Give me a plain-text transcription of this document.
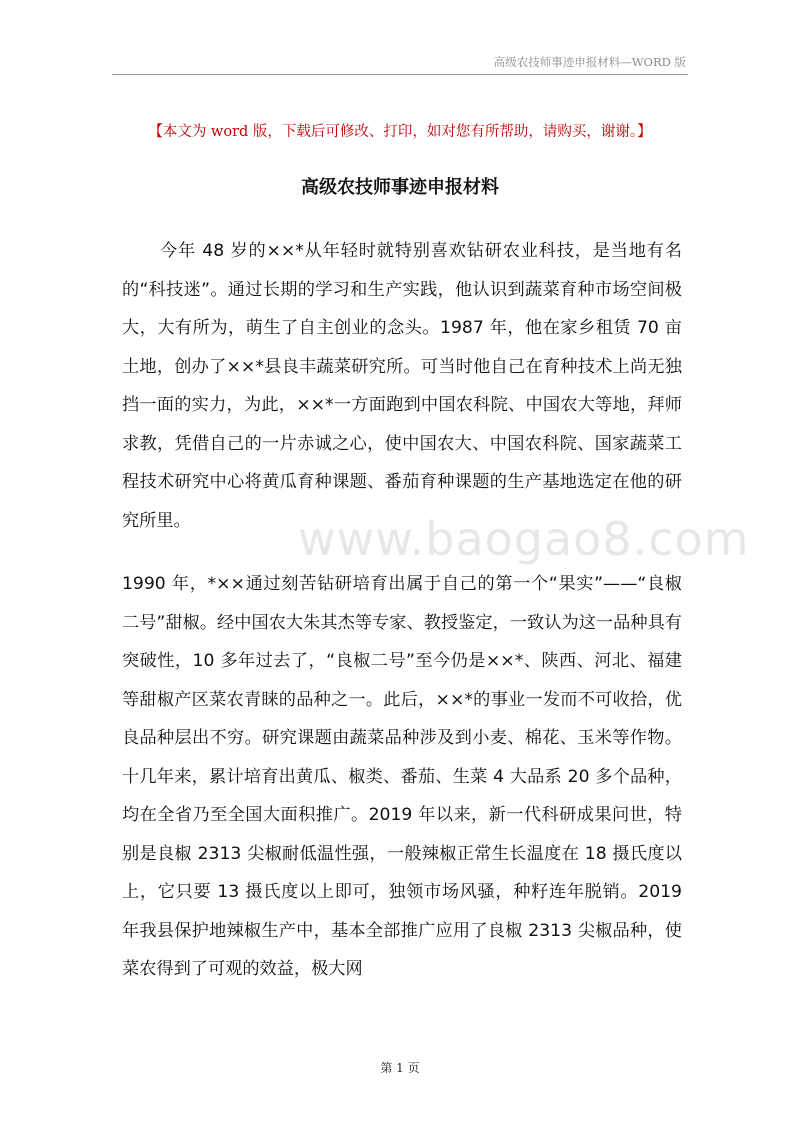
高级农技师事迹申报材料—WORD 版
【本文为 word 版，下载后可修改、打印，如对您有所帮助，请购买，谢谢。】
高级农技师事迹申报材料

今年 48 岁的××*从年轻时就特别喜欢钻研农业科技，是当地有名的“科技迷”。通过长期的学习和生产实践，他认识到蔬菜育种市场空间极大，大有所为，萌生了自主创业的念头。1987 年，他在家乡租赁 70 亩土地，创办了××*县良丰蔬菜研究所。可当时他自己在育种技术上尚无独挡一面的实力，为此，××*一方面跑到中国农科院、中国农大等地，拜师求教，凭借自己的一片赤诚之心，使中国农大、中国农科院、国家蔬菜工程技术研究中心将黄瓜育种课题、番茄育种课题的生产基地选定在他的研究所里。

1990 年，*××通过刻苦钻研培育出属于自己的第一个“果实”——“良椒二号”甜椒。经中国农大朱其杰等专家、教授鉴定，一致认为这一品种具有突破性，10 多年过去了，“良椒二号”至今仍是××*、陕西、河北、福建等甜椒产区菜农青睐的品种之一。此后，××*的事业一发而不可收拾，优良品种层出不穷。研究课题由蔬菜品种涉及到小麦、棉花、玉米等作物。十几年来，累计培育出黄瓜、椒类、番茄、生菜 4 大品系 20 多个品种，均在全省乃至全国大面积推广。2019 年以来，新一代科研成果问世，特别是良椒 2313 尖椒耐低温性强，一般辣椒正常生长温度在 18 摄氏度以上，它只要 13 摄氏度以上即可，独领市场风骚，种籽连年脱销。2019 年我县保护地辣椒生产中，基本全部推广应用了良椒 2313 尖椒品种，使菜农得到了可观的效益，极大网

www.baogao8.com
第 1 页
